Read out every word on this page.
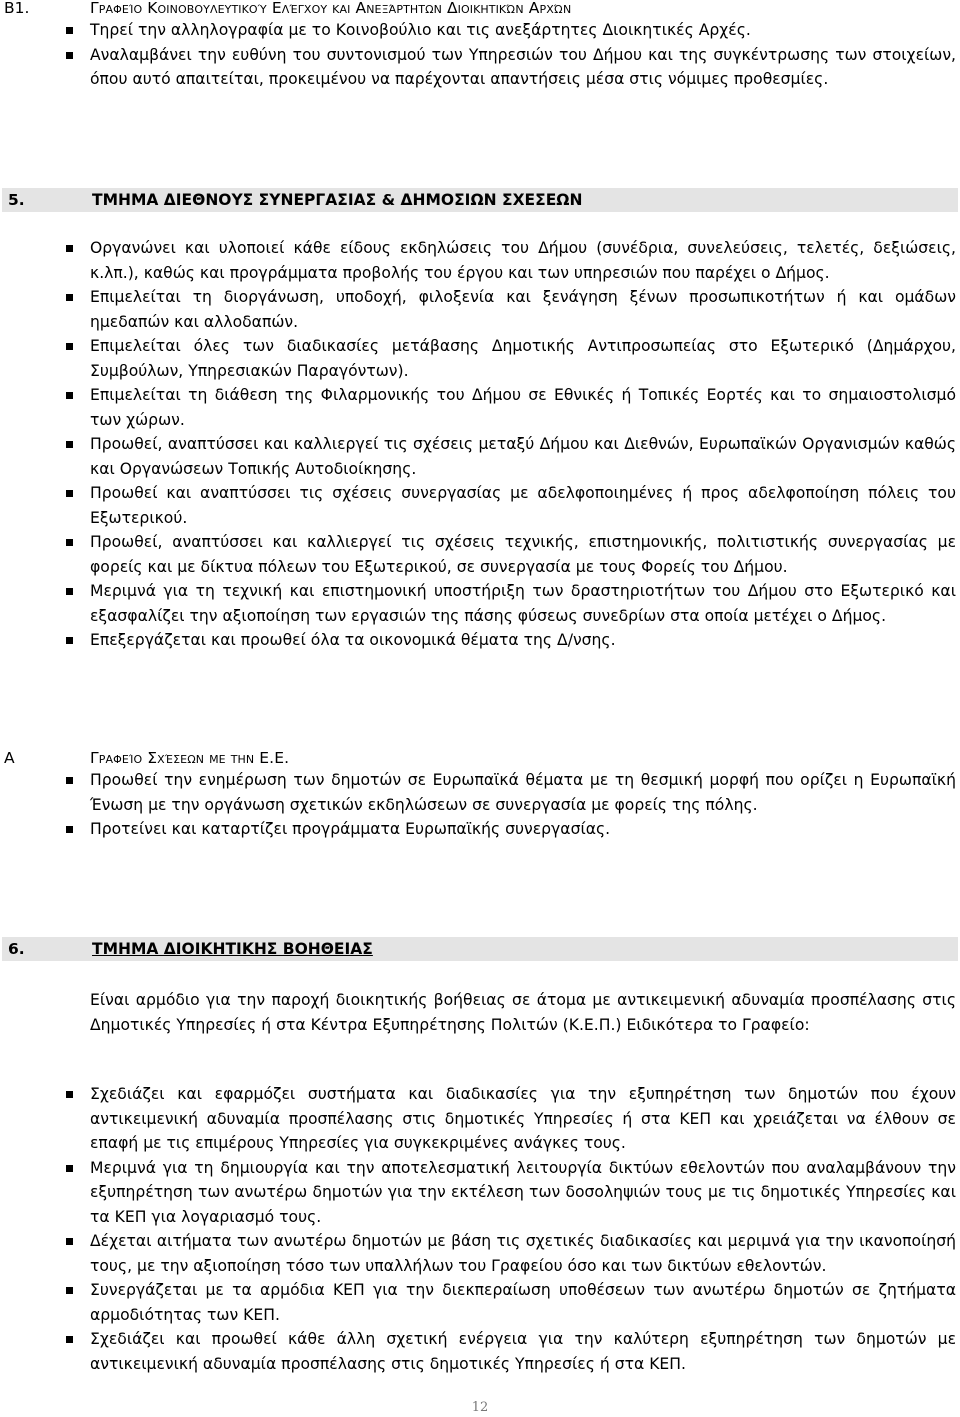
Β1.	Γραφείο Κοινοβουλευτικού Ελέγχου και Ανεξάρτητων Διοικητικών Αρχών
Τηρεί την αλληλογραφία με το Κοινοβούλιο και τις ανεξάρτητες Διοικητικές Αρχές.
Αναλαμβάνει την ευθύνη του συντονισμού των Υπηρεσιών του Δήμου και της συγκέντρωσης των στοιχείων, όπου αυτό απαιτείται, προκειμένου να παρέχονται απαντήσεις μέσα στις νόμιμες προθεσμίες.
5.	ΤΜΗΜΑ ΔΙΕΘΝΟΥΣ ΣΥΝΕΡΓΑΣΙΑΣ & ΔΗΜΟΣΙΩΝ ΣΧΕΣΕΩΝ
Οργανώνει και υλοποιεί κάθε είδους εκδηλώσεις του Δήμου (συνέδρια, συνελεύσεις, τελετές, δεξιώσεις, κ.λπ.), καθώς και προγράμματα προβολής του έργου και των υπηρεσιών που παρέχει ο Δήμος.
Επιμελείται τη διοργάνωση, υποδοχή, φιλοξενία και ξενάγηση ξένων προσωπικοτήτων ή και ομάδων ημεδαπών και αλλοδαπών.
Επιμελείται όλες των διαδικασίες μετάβασης Δημοτικής Αντιπροσωπείας στο Εξωτερικό (Δημάρχου, Συμβούλων, Υπηρεσιακών Παραγόντων).
Επιμελείται τη διάθεση της Φιλαρμονικής του Δήμου σε Εθνικές ή Τοπικές Εορτές και το σημαιοστολισμό των χώρων.
Προωθεί, αναπτύσσει και καλλιεργεί τις σχέσεις μεταξύ Δήμου και Διεθνών, Ευρωπαϊκών Οργανισμών καθώς και Οργανώσεων Τοπικής Αυτοδιοίκησης.
Προωθεί και αναπτύσσει τις σχέσεις συνεργασίας με αδελφοποιημένες ή προς αδελφοποίηση πόλεις του Εξωτερικού.
Προωθεί, αναπτύσσει και καλλιεργεί τις σχέσεις τεχνικής, επιστημονικής, πολιτιστικής συνεργασίας με φορείς και με δίκτυα πόλεων του Εξωτερικού, σε συνεργασία με τους Φορείς του Δήμου.
Μεριμνά για τη τεχνική και επιστημονική υποστήριξη των δραστηριοτήτων του Δήμου στο Εξωτερικό και εξασφαλίζει την αξιοποίηση των εργασιών της πάσης φύσεως συνεδρίων στα οποία μετέχει ο Δήμος.
Επεξεργάζεται και προωθεί όλα τα οικονομικά θέματα της Δ/νσης.
Α	Γραφείο Σχέσεων με την Ε.Ε.
Προωθεί την ενημέρωση των δημοτών σε Ευρωπαϊκά θέματα με τη θεσμική μορφή που ορίζει η Ευρωπαϊκή Ένωση με την οργάνωση σχετικών εκδηλώσεων σε συνεργασία με φορείς της πόλης.
Προτείνει και καταρτίζει προγράμματα Ευρωπαϊκής συνεργασίας.
6.	ΤΜΗΜΑ ΔΙΟΙΚΗΤΙΚΗΣ ΒΟΗΘΕΙΑΣ
Είναι αρμόδιο για την παροχή διοικητικής βοήθειας σε άτομα με αντικειμενική αδυναμία προσπέλασης στις Δημοτικές Υπηρεσίες ή στα Κέντρα Εξυπηρέτησης Πολιτών (Κ.Ε.Π.) Ειδικότερα το Γραφείο:
Σχεδιάζει και εφαρμόζει συστήματα και διαδικασίες για την εξυπηρέτηση των δημοτών που έχουν αντικειμενική αδυναμία προσπέλασης στις δημοτικές Υπηρεσίες ή στα ΚΕΠ και χρειάζεται να έλθουν σε επαφή με τις επιμέρους Υπηρεσίες για συγκεκριμένες ανάγκες τους.
Μεριμνά για τη δημιουργία και την αποτελεσματική λειτουργία δικτύων εθελοντών που αναλαμβάνουν την εξυπηρέτηση των ανωτέρω δημοτών για την εκτέλεση των δοσοληψιών τους με τις δημοτικές Υπηρεσίες και τα ΚΕΠ για λογαριασμό τους.
Δέχεται αιτήματα των ανωτέρω δημοτών με βάση τις σχετικές διαδικασίες και μεριμνά για την ικανοποίησή τους, με την αξιοποίηση τόσο των υπαλλήλων του Γραφείου όσο και των δικτύων εθελοντών.
Συνεργάζεται με τα αρμόδια ΚΕΠ για την διεκπεραίωση υποθέσεων των ανωτέρω δημοτών σε ζητήματα αρμοδιότητας των ΚΕΠ.
Σχεδιάζει και προωθεί κάθε άλλη σχετική ενέργεια για την καλύτερη εξυπηρέτηση των δημοτών με αντικειμενική αδυναμία προσπέλασης στις δημοτικές Υπηρεσίες ή στα ΚΕΠ.
12
